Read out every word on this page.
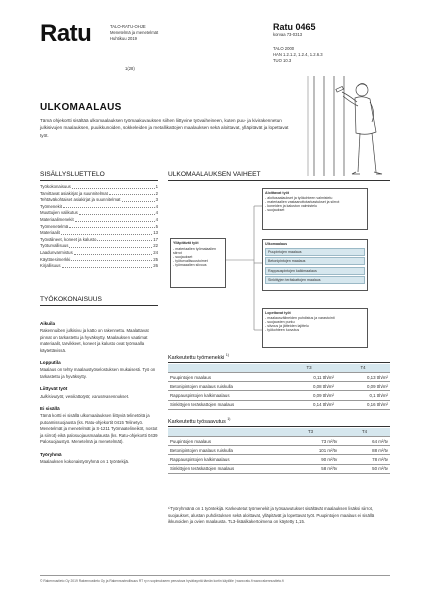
Ratu	TALO-RATU-OHJE
Menetelmä ja menetelmät
Huhtikuu 2019
Ratu 0465
korvaa 73-0313
TALO 2000
HAN 1.2.1.2, 1.2.4, 1.2.6.3
TUO 10.3
1(28)
ULKOMAALAUS
Tämä ohjekortti sisältää ulkomaalauksen työmaakuvauksen siihen liittyvine työvaiheineen, kuten puu- ja kivirakennetun julkisivujen maalauksen, puuikkunoiden, sokkeleiden ja metallikattojen maalauksen sekä aloittavat, ylläpitävät ja lopettavat työt.
SISÄLLYSLUETTELO
Työkokonaisuus	1
Tarvittavat asiakirjat ja suunnitelmat	2
Tehtäväkohtaiset asiakirjat ja suunnitelmat	3
Työmenekit	4
Muuttujien valikutus	4
Materiaalimenekit	4
Työmenetelmä	5
Materiaalit	13
Työvälineet, koneet ja kalusto	17
Työturvallisuus	22
Laadunvarmistus	24
Käyttöesimerkki	25
Kirjallisuus	26
TYÖKOKONAISUUS
Aikuila

Rakennuiben julkisivu ja katto on rakennettu. Maalattavat pinnat on tarkastettu ja hyväksytty. Maalauksen vaatimat materiaalit, tarvikkeet, koneet ja kalusto ovat työmaalla käytettävissä.

Lopputila

Maalaus on tehty maalaustyöselostuksen mukaisesti. Työ on tarkastettu ja hyväksytty.

Liittyvät työt

Julkisivutyöt, vesikattotyöt, varusteasennukset.

Ei sisällä

Tämä kortti ei sisällä ulkomaalauksen liittyviä telinetöitä ja putoamissuojausta (ks. Ratu-ohjekortit 0415 Telinetyö. Menetelmät ja menetelmät ja S-1211 Työmaatelineiköt, nostot ja siirrot) eikä palosuojausmaalausta (ks. Ratu-ohjekortti 0439 Palosuojaustyö. Menetelmä ja menetelmät).

Työryhmä

Maalauksen kokonaistyöryhmä on 1 työntekijä.

ULKOMAALAUKSEN VAIHEET
Aloittavat työt
- aloitusaalaukset ja työkohteen valmistelu
- materiaalien vastaanottotarkastukset ja siirrot
- koneiden ja kaluston valmistelu
- suojaukset
Ylläpitävät työt
- materiaalien työmaiaalien siirrot
- suojaukset
- työturvallisuustoimet
- työmaaalien siivous
Ulkomaalaus
Puupintojen maalaus
Betonipintojen maalaus
Rappauspintojen kalkimaalaus
Sinkittyjen teräskattojen maalaus
Lopettavat työt
- maalausvälineiden puhdistus ja varastointi
- suojausten purku
- siivous ja jätteiden lajittelu
- työkohteen luovutus
Karkeutettu työmenekki $^{1)}$
	T3	T4
Puupintojen maalaus	0,11 tth/m²	0,13 tth/m²
Betonipintojen maalaus ruiskulla	0,08 tth/m²	0,09 tth/m²
Rappauspintojen kalkimaalaus	0,09 tth/m²	0,1 tth/m²
Sinkittyjen teräskattojen maalaus	0,14 tth/m²	0,16 tth/m²
Karkeutettu työsaavutus $^{1)}$
	T3	T4
Puupintojen maalaus	73 m²/tv	64 m²/tv
Betonipintojen maalaus ruiskulla	101 m²/tv	88 m²/tv
Rappauspintojen kalkimaalaus	90 m²/tv	78 m²/tv
Sinkittyjen teräskattojen maalaus	58 m²/tv	50 m²/tv
¹⁾Työryhmänä on 1 työntekijä. Karkeutetut työmenekit ja työsaavutukset sisältävät maalauksen lisäksi siirrot, suojaukset, alustan puhdistuksen sekä aloittavat, ylläpitävät ja lopettavat työt. Puupintojen maalaus ei sisällä ikkunoiden ja ovien maalausta. TL3-lisäalkakertoimena on käytetty 1,15.
© Rakennustieto Oy 2019 Rakennustieto Oy ja Rakennusteollisuus RT ry:n sopimukseen perustuva hyväksyntä tämän kortin käytölle | www.ratu.fi www.rakennustieto.fi
